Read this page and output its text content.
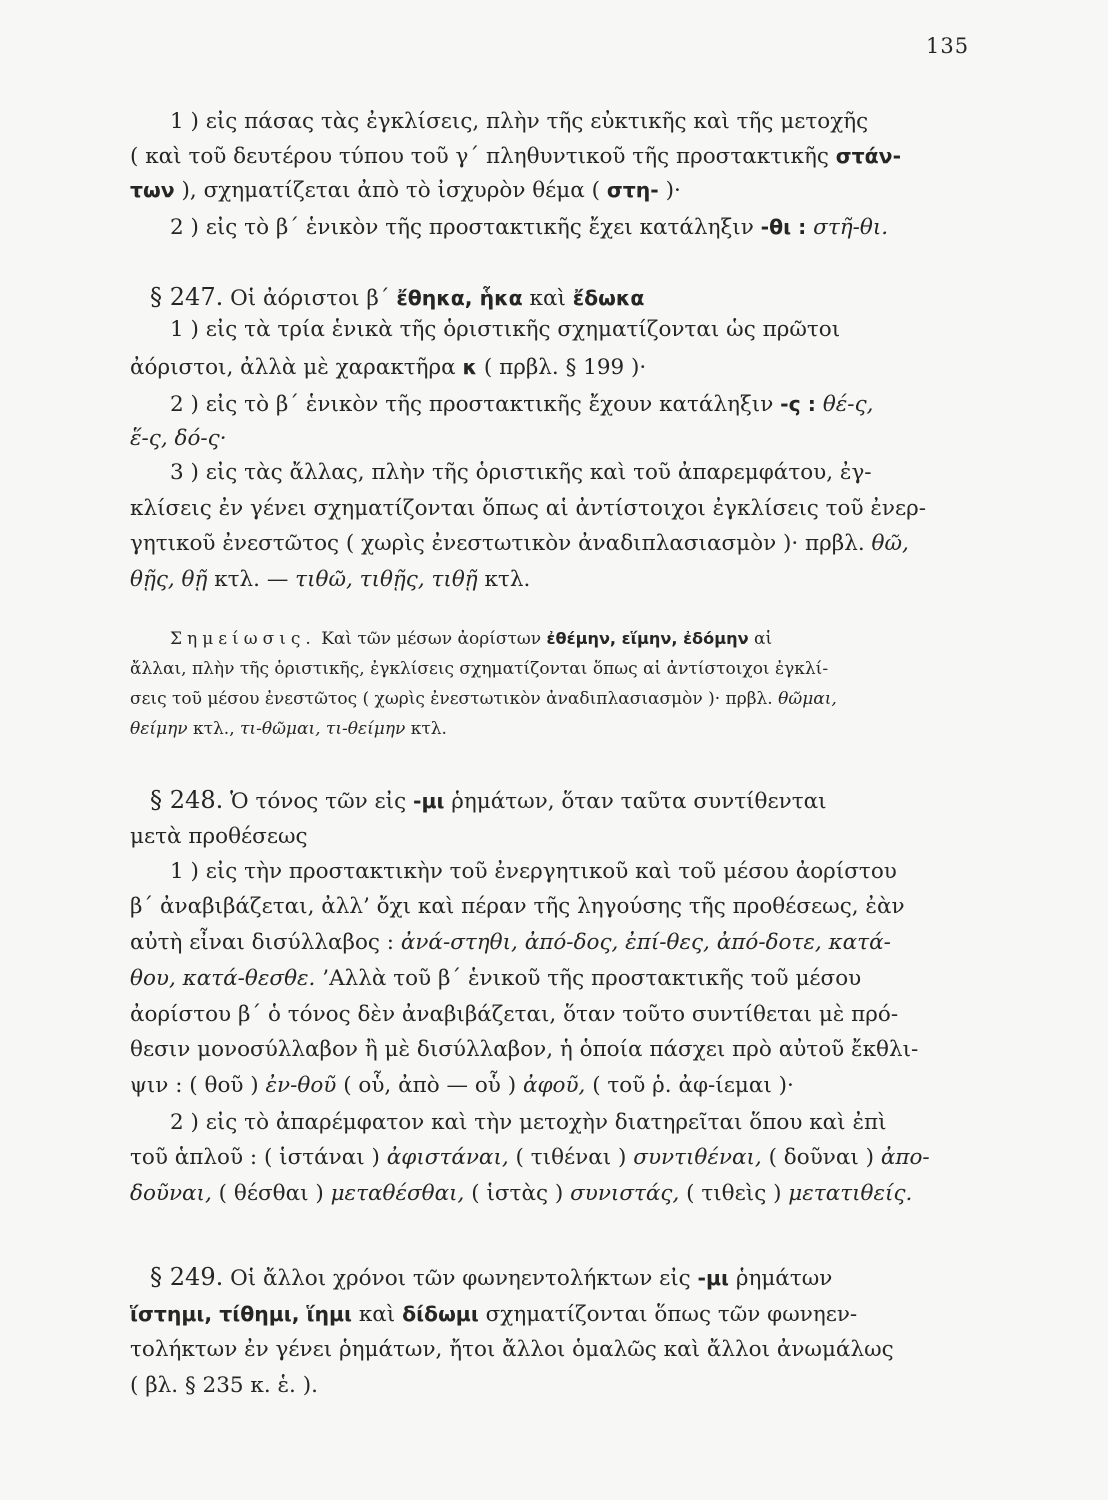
135
1 ) εἰς πάσας τὰς ἐγκλίσεις, πλὴν τῆς εὐκτικῆς καὶ τῆς μετοχῆς
( καὶ τοῦ δευτέρου τύπου τοῦ γ΄ πληθυντικοῦ τῆς προστακτικῆς στάν-
των ), σχηματίζεται ἀπὸ τὸ ἰσχυρὸν θέμα ( στη- )·
2 ) εἰς τὸ β΄ ἑνικὸν τῆς προστακτικῆς ἔχει κατάληξιν -θι : στῆ-θι.
§ 247. Οἱ ἀόριστοι β΄ ἔθηκα, ἧκα καὶ ἔδωκα
1 ) εἰς τὰ τρία ἑνικὰ τῆς ὁριστικῆς σχηματίζονται ὡς πρῶτοι
ἀόριστοι, ἀλλὰ μὲ χαρακτῆρα κ ( πρβλ. § 199 )·
2 ) εἰς τὸ β΄ ἑνικὸν τῆς προστακτικῆς ἔχουν κατάληξιν -ς : θέ-ς,
ἕ-ς, δό-ς·
3 ) εἰς τὰς ἄλλας, πλὴν τῆς ὁριστικῆς καὶ τοῦ ἀπαρεμφάτου, ἐγ-
κλίσεις ἐν γένει σχηματίζονται ὅπως αἱ ἀντίστοιχοι ἐγκλίσεις τοῦ ἐνερ-
γητικοῦ ἐνεστῶτος ( χωρὶς ἐνεστωτικὸν ἀναδιπλασιασμὸν )· πρβλ. θῶ,
θῇς, θῇ κτλ. — τιθῶ, τιθῇς, τιθῇ κτλ.
Σημείωσις. Καὶ τῶν μέσων ἀορίστων ἐθέμην, εἵμην, ἐδόμην αἱ
ἄλλαι, πλὴν τῆς ὁριστικῆς, ἐγκλίσεις σχηματίζονται ὅπως αἱ ἀντίστοιχοι ἐγκλί-
σεις τοῦ μέσου ἐνεστῶτος ( χωρὶς ἐνεστωτικὸν ἀναδιπλασιασμὸν )· πρβλ. θῶμαι,
θείμην κτλ., τι-θῶμαι, τι-θείμην κτλ.
§ 248. Ὁ τόνος τῶν εἰς -μι ῥημάτων, ὅταν ταῦτα συντίθενται
μετὰ προθέσεως
1 ) εἰς τὴν προστακτικὴν τοῦ ἐνεργητικοῦ καὶ τοῦ μέσου ἀορίστου
β΄ ἀναβιβάζεται, ἀλλ’ ὄχι καὶ πέραν τῆς ληγούσης τῆς προθέσεως, ἐὰν
αὐτὴ εἶναι δισύλλαβος : ἀνά-στηθι, ἀπό-δος, ἐπί-θες, ἀπό-δοτε, κατά-
θου, κατά-θεσθε. ’Αλλὰ τοῦ β΄ ἑνικοῦ τῆς προστακτικῆς τοῦ μέσου
ἀορίστου β΄ ὁ τόνος δὲν ἀναβιβάζεται, ὅταν τοῦτο συντίθεται μὲ πρό-
θεσιν μονοσύλλαβον ἢ μὲ δισύλλαβον, ἡ ὁποία πάσχει πρὸ αὐτοῦ ἔκθλι-
ψιν : ( θοῦ ) ἐν-θοῦ ( οὗ, ἀπὸ — οὗ ) ἀφοῦ, ( τοῦ ῥ. ἀφ-ίεμαι )·
2 ) εἰς τὸ ἀπαρέμφατον καὶ τὴν μετοχὴν διατηρεῖται ὅπου καὶ ἐπὶ
τοῦ ἁπλοῦ : ( ἱστάναι ) ἀφιστάναι, ( τιθέναι ) συντιθέναι, ( δοῦναι ) ἀπο-
δοῦναι, ( θέσθαι ) μεταθέσθαι, ( ἱστὰς ) συνιστάς, ( τιθεὶς ) μετατιθείς.
§ 249. Οἱ ἄλλοι χρόνοι τῶν φωνηεντολήκτων εἰς -μι ῥημάτων
ἵστημι, τίθημι, ἵημι καὶ δίδωμι σχηματίζονται ὅπως τῶν φωνηεν-
τολήκτων ἐν γένει ῥημάτων, ἤτοι ἄλλοι ὁμαλῶς καὶ ἄλλοι ἀνωμάλως
( βλ. § 235 κ. ἑ. ).
